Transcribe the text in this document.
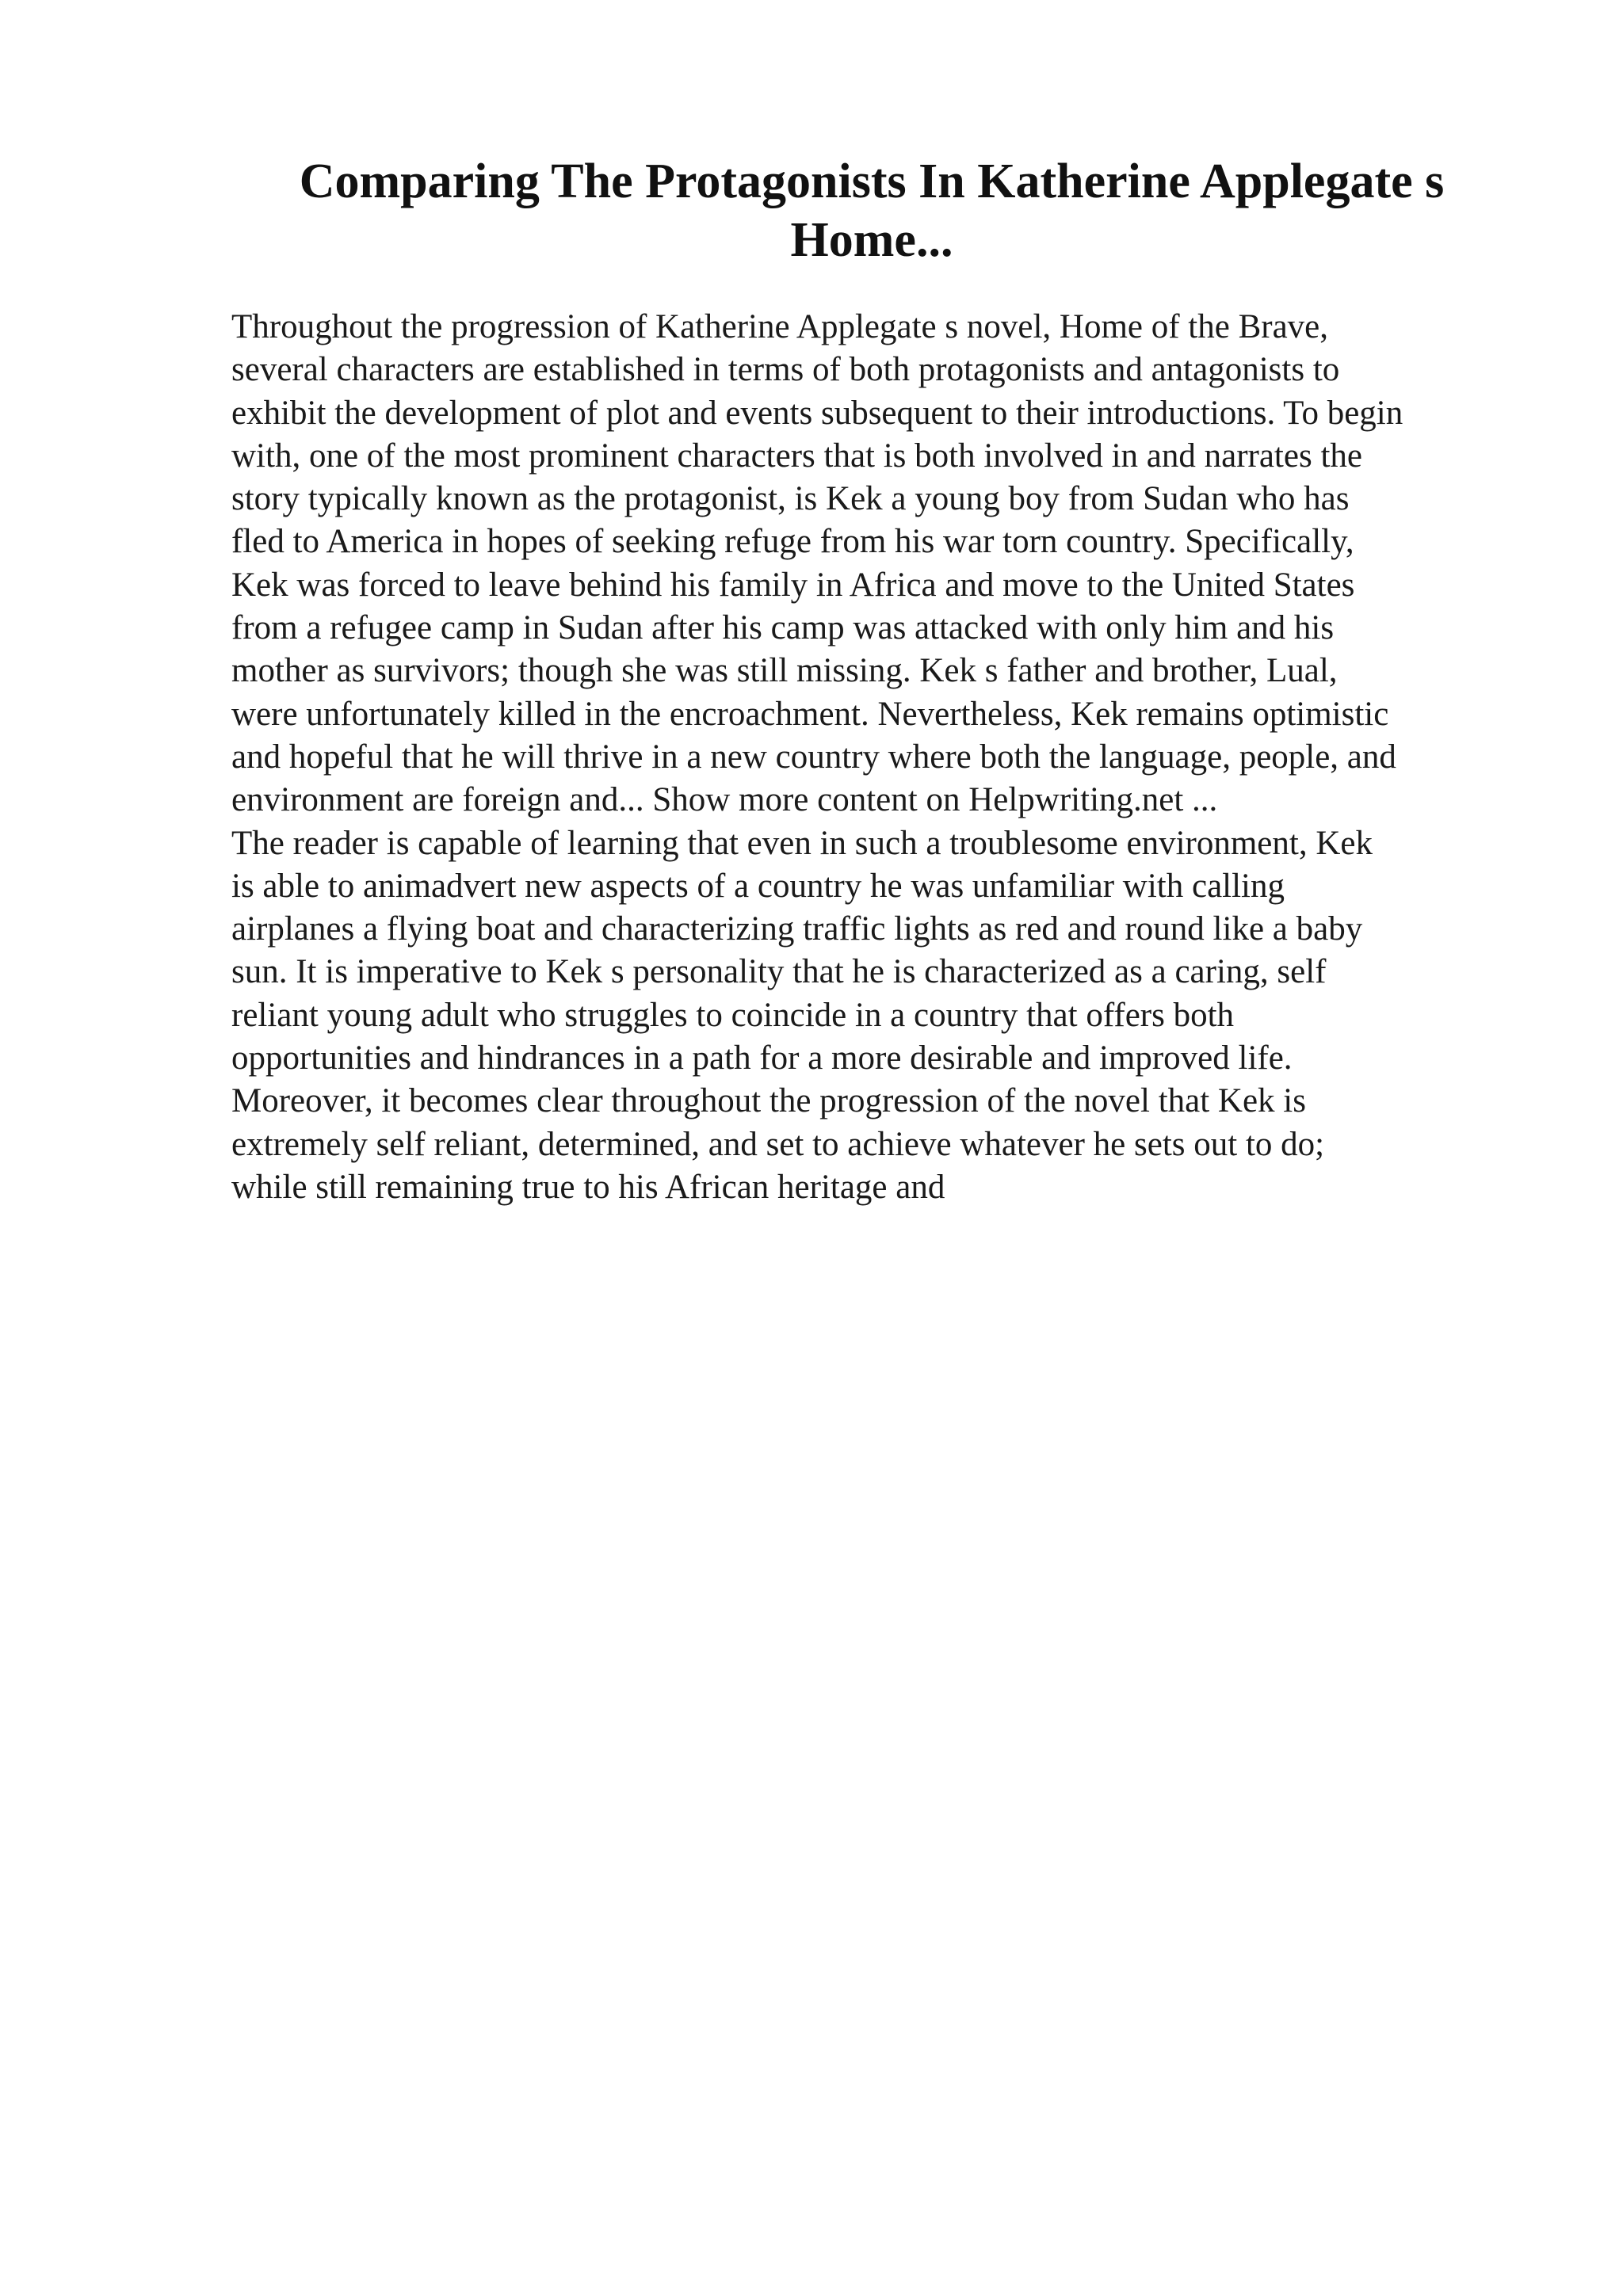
Comparing The Protagonists In Katherine Applegate s
Home...
Throughout the progression of Katherine Applegate s novel, Home of the Brave,
several characters are established in terms of both protagonists and antagonists to
exhibit the development of plot and events subsequent to their introductions. To begin
with, one of the most prominent characters that is both involved in and narrates the
story typically known as the protagonist, is Kek a young boy from Sudan who has
fled to America in hopes of seeking refuge from his war torn country. Specifically,
Kek was forced to leave behind his family in Africa and move to the United States
from a refugee camp in Sudan after his camp was attacked with only him and his
mother as survivors; though she was still missing. Kek s father and brother, Lual,
were unfortunately killed in the encroachment. Nevertheless, Kek remains optimistic
and hopeful that he will thrive in a new country where both the language, people, and
environment are foreign and... Show more content on Helpwriting.net ...
The reader is capable of learning that even in such a troublesome environment, Kek
is able to animadvert new aspects of a country he was unfamiliar with calling
airplanes a flying boat and characterizing traffic lights as red and round like a baby
sun. It is imperative to Kek s personality that he is characterized as a caring, self
reliant young adult who struggles to coincide in a country that offers both
opportunities and hindrances in a path for a more desirable and improved life.
Moreover, it becomes clear throughout the progression of the novel that Kek is
extremely self reliant, determined, and set to achieve whatever he sets out to do;
while still remaining true to his African heritage and
